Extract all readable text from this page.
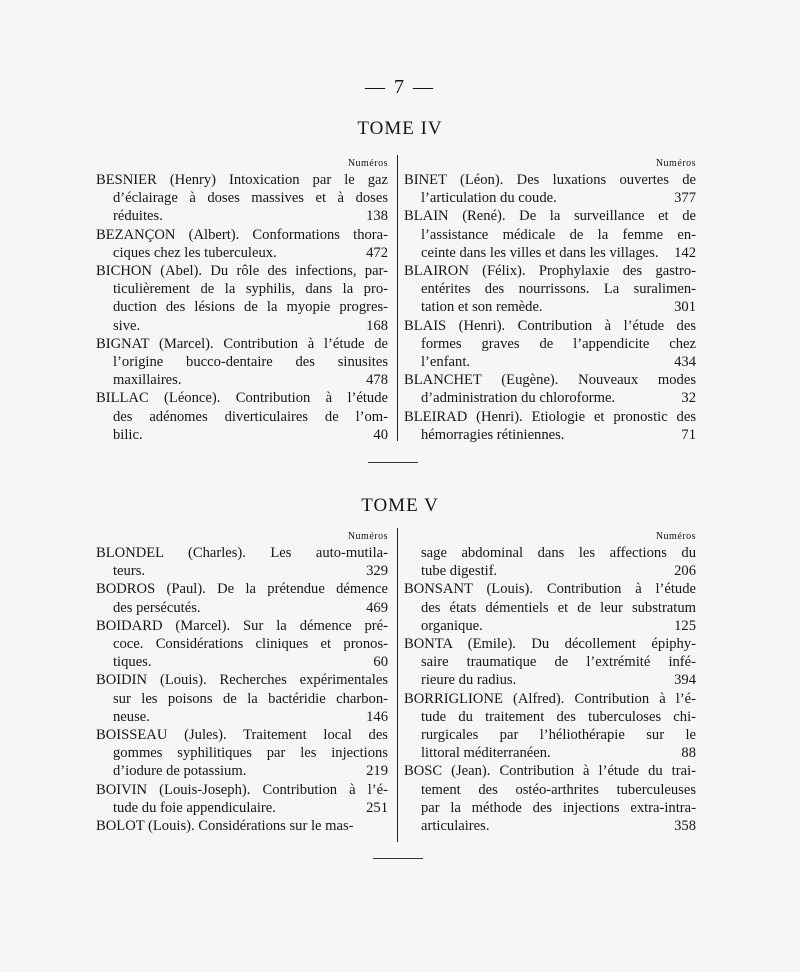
— 7 —
TOME IV
Numéros
BESNIER (Henry) Intoxication par le gaz
d’éclairage à doses massives et à doses
réduites.	138
BEZANÇON (Albert). Conformations thora-
ciques chez les tuberculeux.	472
BICHON (Abel). Du rôle des infections, par-
ticulièrement de la syphilis, dans la pro-
duction des lésions de la myopie progres-
sive.	168
BIGNAT (Marcel). Contribution à l’étude de
l’origine bucco-dentaire des sinusites
maxillaires.	478
BILLAC (Léonce). Contribution à l’étude
des adénomes diverticulaires de l’om-
bilic.	40
Numéros
BINET (Léon). Des luxations ouvertes de
l’articulation du coude.	377
BLAIN (René). De la surveillance et de
l’assistance médicale de la femme en-
ceinte dans les villes et dans les villages.	142
BLAIRON (Félix). Prophylaxie des gastro-
entérites des nourrissons. La suralimen-
tation et son remède.	301
BLAIS (Henri). Contribution à l’étude des
formes graves de l’appendicite chez
l’enfant.	434
BLANCHET (Eugène). Nouveaux modes
d’administration du chloroforme.	32
BLEIRAD (Henri). Etiologie et pronostic des
hémorragies rétiniennes.	71
TOME V
Numéros
BLONDEL (Charles). Les auto-mutila-
teurs.	329
BODROS (Paul). De la prétendue démence
des persécutés.	469
BOIDARD (Marcel). Sur la démence pré-
coce. Considérations cliniques et pronos-
tiques.	60
BOIDIN (Louis). Recherches expérimentales
sur les poisons de la bactéridie charbon-
neuse.	146
BOISSEAU (Jules). Traitement local des
gommes syphilitiques par les injections
d’iodure de potassium.	219
BOIVIN (Louis-Joseph). Contribution à l’é-
tude du foie appendiculaire.	251
BOLOT (Louis). Considérations sur le mas-
Numéros
sage abdominal dans les affections du
tube digestif.	206
BONSANT (Louis). Contribution à l’étude
des états démentiels et de leur substratum
organique.	125
BONTA (Emile). Du décollement épiphy-
saire traumatique de l’extrémité infé-
rieure du radius.	394
BORRIGLIONE (Alfred). Contribution à l’é-
tude du traitement des tuberculoses chi-
rurgicales par l’héliothérapie sur le
littoral méditerranéen.	88
BOSC (Jean). Contribution à l’étude du trai-
tement des ostéo-arthrites tuberculeuses
par la méthode des injections extra-intra-
articulaires.	358
